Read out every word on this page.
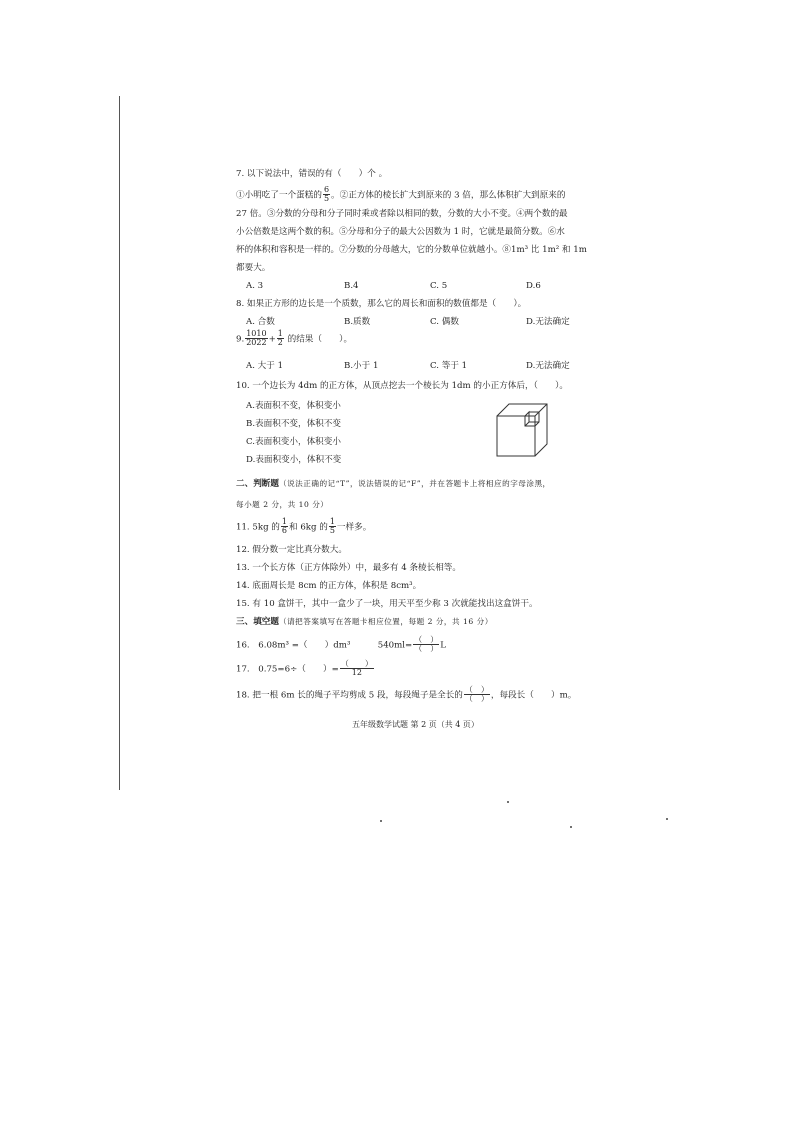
7. 以下说法中，错误的有（　　）个 。
①小明吃了一个蛋糕的 $\frac{6}{5}$ 。②正方体的棱长扩大到原来的 3 倍，那么体积扩大到原来的
27 倍。③分数的分母和分子同时乘或者除以相同的数，分数的大小不变。④两个数的最
小公倍数是这两个数的积。⑤分母和分子的最大公因数为 1 时，它就是最简分数。⑥水
杯的体积和容积是一样的。⑦分数的分母越大，它的分数单位就越小。⑧1m³ 比 1m² 和 1m
都要大。
A. 3	B.4	C. 5	D.6
8. 如果正方形的边长是一个质数，那么它的周长和面积的数值都是（　　）。
A. 合数	B.质数	C. 偶数	D.无法确定
9. $\frac{1010}{2022} + \frac{1}{2}$ 的结果（　　）。
A. 大于 1	B.小于 1	C. 等于 1	D.无法确定
10. 一个边长为 4dm 的正方体，从顶点挖去一个棱长为 1dm 的小正方体后，（　　）。
A.表面积不变，体积变小
B.表面积不变，体积不变
C.表面积变小，体积变小
D.表面积变小，体积不变
二、判断题（说法正确的记“T”，说法错误的记“F”，并在答题卡上将相应的字母涂黑，
每小题 2 分，共 10 分）
11. 5kg 的 $\frac{1}{6}$ 和 6kg 的 $\frac{1}{5}$ 一样多。
12. 假分数一定比真分数大。
13. 一个长方体（正方体除外）中，最多有 4 条棱长相等。
14. 底面周长是 8cm 的正方体，体积是 8cm³。
15. 有 10 盒饼干，其中一盒少了一块，用天平至少称 3 次就能找出这盒饼干。
三、填空题（请把答案填写在答题卡相应位置，每题 2 分，共 16 分）
16.　6.08m³ =（　　）dm³	$540ml= \frac{( )}{( )}$ L
17.　0.75=6÷（　　）= $\frac{( )}{12}$
18. 把一根 6m 长的绳子平均剪成 5 段，每段绳子是全长的 $\frac{( )}{( )}$ ，每段长（　　）m。
五年级数学试题 第 2 页（共 4 页）
